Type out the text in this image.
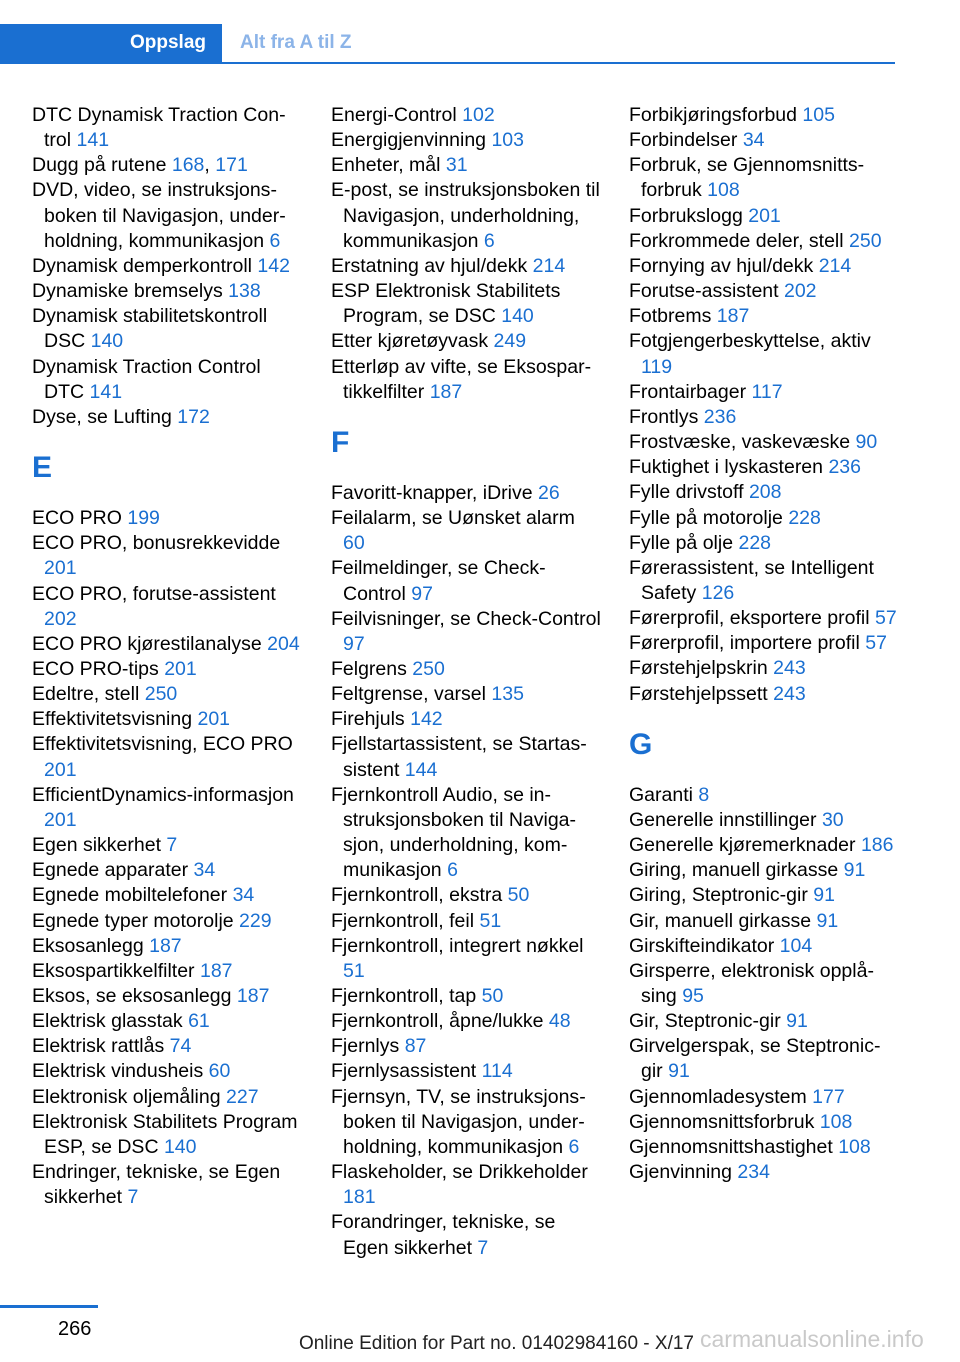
Oppslag Alt fra A til Z
DTC Dynamisk Traction Control 141
Dugg på rutene 168, 171
DVD, video, se instruksjonsboken til Navigasjon, underholdning, kommunikasjon 6
Dynamisk demperkontroll 142
Dynamiske bremselys 138
Dynamisk stabilitetskontroll DSC 140
Dynamisk Traction Control DTC 141
Dyse, se Lufting 172
E
ECO PRO 199
ECO PRO, bonusrekkevidde 201
ECO PRO, forutse-assistent 202
ECO PRO kjørestilanalyse 204
ECO PRO-tips 201
Edeltre, stell 250
Effektivitetsvisning 201
Effektivitetsvisning, ECO PRO 201
EfficientDynamics-informasjon 201
Egen sikkerhet 7
Egnede apparater 34
Egnede mobiltelefoner 34
Egnede typer motorolje 229
Eksosanlegg 187
Eksospartikkelfilter 187
Eksos, se eksosanlegg 187
Elektrisk glasstak 61
Elektrisk rattlås 74
Elektrisk vindusheis 60
Elektronisk oljemåling 227
Elektronisk Stabilitets Program ESP, se DSC 140
Endringer, tekniske, se Egen sikkerhet 7
Energi-Control 102
Energigjenvinning 103
Enheter, mål 31
E-post, se instruksjonsboken til Navigasjon, underholdning, kommunikasjon 6
Erstatning av hjul/dekk 214
ESP Elektronisk Stabilitets Program, se DSC 140
Etter kjøretøyvask 249
Etterløp av vifte, se Eksospartikkelfilter 187
F
Favoritt-knapper, iDrive 26
Feilalarm, se Uønsket alarm 60
Feilmeldinger, se Check-Control 97
Feilvisninger, se Check-Control 97
Felgrens 250
Feltgrense, varsel 135
Firehjuls 142
Fjellstartassistent, se Startassistent 144
Fjernkontroll Audio, se instruksjonsboken til Navigasjon, underholdning, kommunikasjon 6
Fjernkontroll, ekstra 50
Fjernkontroll, feil 51
Fjernkontroll, integrert nøkkel 51
Fjernkontroll, tap 50
Fjernkontroll, åpne/lukke 48
Fjernlys 87
Fjernlysassistent 114
Fjernsyn, TV, se instruksjonsboken til Navigasjon, underholdning, kommunikasjon 6
Flaskeholder, se Drikkeholder 181
Forandringer, tekniske, se Egen sikkerhet 7
Forbikjøringsforbud 105
Forbindelser 34
Forbruk, se Gjennomsnittsforbruk 108
Forbrukslogg 201
Forkrommede deler, stell 250
Fornying av hjul/dekk 214
Forutse-assistent 202
Fotbrems 187
Fotgjengerbeskyttelse, aktiv 119
Frontairbager 117
Frontlys 236
Frostvæske, vaskevæske 90
Fuktighet i lyskasteren 236
Fylle drivstoff 208
Fylle på motorolje 228
Fylle på olje 228
Førerassistent, se Intelligent Safety 126
Førerprofil, eksportere profil 57
Førerprofil, importere profil 57
Førstehjelpskrin 243
Førstehjelpssett 243
G
Garanti 8
Generelle innstillinger 30
Generelle kjøremerknader 186
Giring, manuell girkasse 91
Giring, Steptronic-gir 91
Gir, manuell girkasse 91
Girskifteindikator 104
Girsperre, elektronisk opplåsing 95
Gir, Steptronic-gir 91
Girvelgerspak, se Steptronic-gir 91
Gjennomladesystem 177
Gjennomsnittsforbruk 108
Gjennomsnittshastighet 108
Gjenvinning 234
266
Online Edition for Part no. 01402984160 - X/17 carmanualsonline.info
